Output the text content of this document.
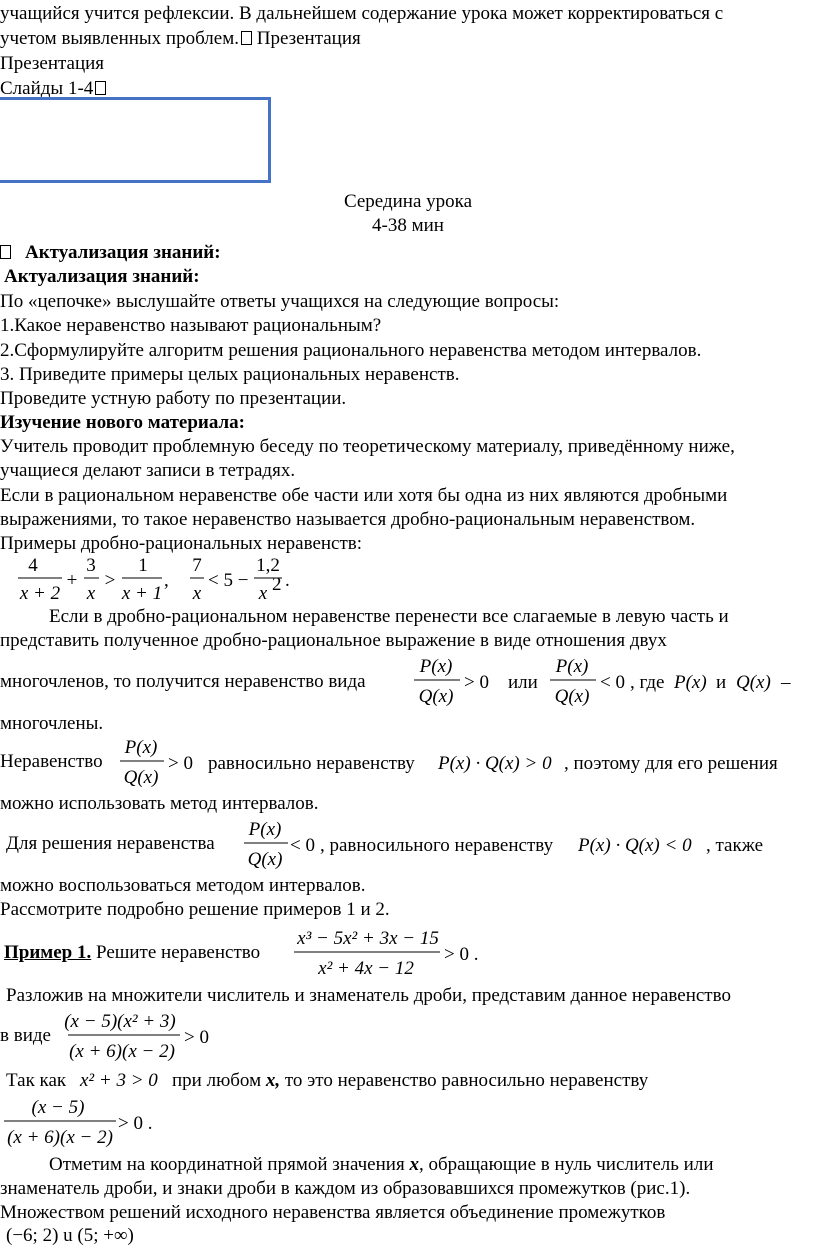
учащийся учится рефлексии. В дальнейшем содержание урока может корректироваться с
учетом выявленных проблем. Презентация
Презентация
Слайды 1-4
Середина урока
4-38 мин
Актуализация знаний:
Актуализация знаний:
По «цепочке» выслушайте ответы учащихся на следующие вопросы:
1.Какое неравенство называют рациональным?
2.Сформулируйте алгоритм решения рационального неравенства методом интервалов.
3. Приведите примеры целых рациональных неравенств.
Проведите устную работу по презентации.
Изучение нового материала:
Учитель проводит проблемную беседу по теоретическому материалу, приведённому ниже,
учащиеся делают записи в тетрадях.
Если в рациональном неравенстве обе части или хотя бы одна из них являются дробными
выражениями, то такое неравенство называется дробно-рациональным неравенством.
Примеры дробно-рациональных неравенств:
4
x + 2
+
3
x
>
1
x + 1
,
7
x
< 5 −
1,2
x 2 .
Если в дробно-рациональном неравенстве перенести все слагаемые в левую часть и
представить полученное дробно-рациональное выражение в виде отношения двух
многочленов, то получится неравенство вида
P(x)
Q(x)
> 0 или
P(x)
Q(x)
< 0 , где P(x) и Q(x) –
многочлены.
Неравенство
P(x)
Q(x)
> 0 равносильно неравенству P(x) · Q(x) > 0 , поэтому для его решения
можно использовать метод интервалов.
Для решения неравенства
P(x)
Q(x)
< 0 , равносильного неравенству P(x) · Q(x) < 0 , также
можно воспользоваться методом интервалов.
Рассмотрите подробно решение примеров 1 и 2.
Пример 1. Решите неравенство
x³ − 5x² + 3x − 15
x² + 4x − 12
> 0 .
Разложив на множители числитель и знаменатель дроби, представим данное неравенство
в виде
(x − 5)(x² + 3)
(x + 6)(x − 2)
> 0
Так как x² + 3 > 0 при любом x, то это неравенство равносильно неравенству
(x − 5)
(x + 6)(x − 2)
> 0 .
Отметим на координатной прямой значения x, обращающие в нуль числитель или
знаменатель дроби, и знаки дроби в каждом из образовавшихся промежутков (рис.1).
Множеством решений исходного неравенства является объединение промежутков
(−6; 2) u (5; +∞)
